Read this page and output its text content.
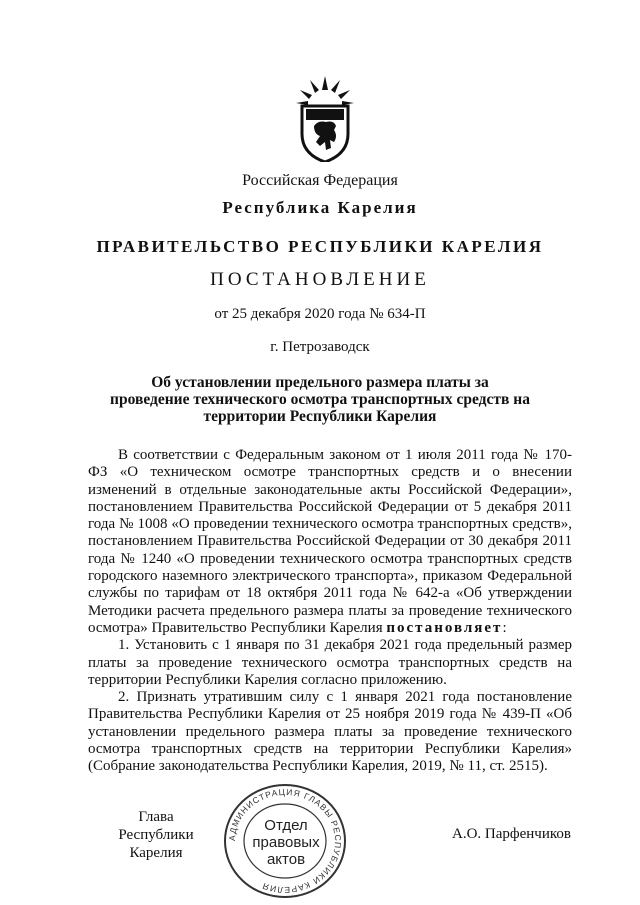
Российская Федерация
Республика Карелия
ПРАВИТЕЛЬСТВО РЕСПУБЛИКИ КАРЕЛИЯ
ПОСТАНОВЛЕНИЕ
от 25 декабря 2020 года № 634-П
г. Петрозаводск
Об установлении предельного размера платы за проведение технического осмотра транспортных средств на территории Республики Карелия

В соответствии с Федеральным законом от 1 июля 2011 года № 170-ФЗ «О техническом осмотре транспортных средств и о внесении изменений в отдельные законодательные акты Российской Федерации», постановлением Правительства Российской Федерации от 5 декабря 2011 года № 1008 «О проведении технического осмотра транспортных средств», постановлением Правительства Российской Федерации от 30 декабря 2011 года № 1240 «О проведении технического осмотра транспортных средств городского наземного электрического транспорта», приказом Федеральной службы по тарифам от 18 октября 2011 года № 642-а «Об утверждении Методики расчета предельного размера платы за проведение технического осмотра» Правительство Республики Карелия постановляет:

1. Установить с 1 января по 31 декабря 2021 года предельный размер платы за проведение технического осмотра транспортных средств на территории Республики Карелия согласно приложению.

2. Признать утратившим силу с 1 января 2021 года постановление Правительства Республики Карелия от 25 ноября 2019 года № 439-П «Об установлении предельного размера платы за проведение технического осмотра транспортных средств на территории Республики Карелия» (Собрание законодательства Республики Карелия, 2019, № 11, ст. 2515).

Глава
Республики Карелия
АДМИНИСТРАЦИЯ ГЛАВЫ РЕСПУБЛИКИ КАРЕЛИЯ
Отдел
правовых
актов
А.О. Парфенчиков
